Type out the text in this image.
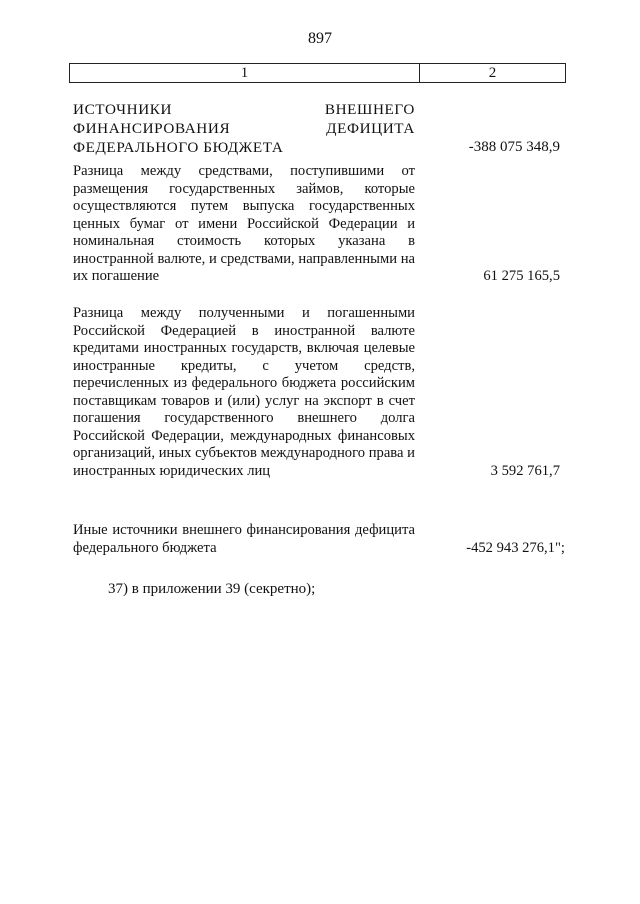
897
1	2
ИСТОЧНИКИ ВНЕШНЕГО ФИНАНСИРОВАНИЯ ДЕФИЦИТА ФЕДЕРАЛЬНОГО БЮДЖЕТА	-388 075 348,9
Разница между средствами, поступившими от размещения государственных займов, которые осуществляются путем выпуска государственных ценных бумаг от имени Российской Федерации и номинальная стоимость которых указана в иностранной валюте, и средствами, направленными на их погашение	61 275 165,5
Разница между полученными и погашенными Российской Федерацией в иностранной валюте кредитами иностранных государств, включая целевые иностранные кредиты, с учетом средств, перечисленных из федерального бюджета российским поставщикам товаров и (или) услуг на экспорт в счет погашения государственного внешнего долга Российской Федерации, международных финансовых организаций, иных субъектов международного права и иностранных юридических лиц	3 592 761,7
Иные источники внешнего финансирования дефицита федерального бюджета	-452 943 276,1";
37) в приложении 39 (секретно);
